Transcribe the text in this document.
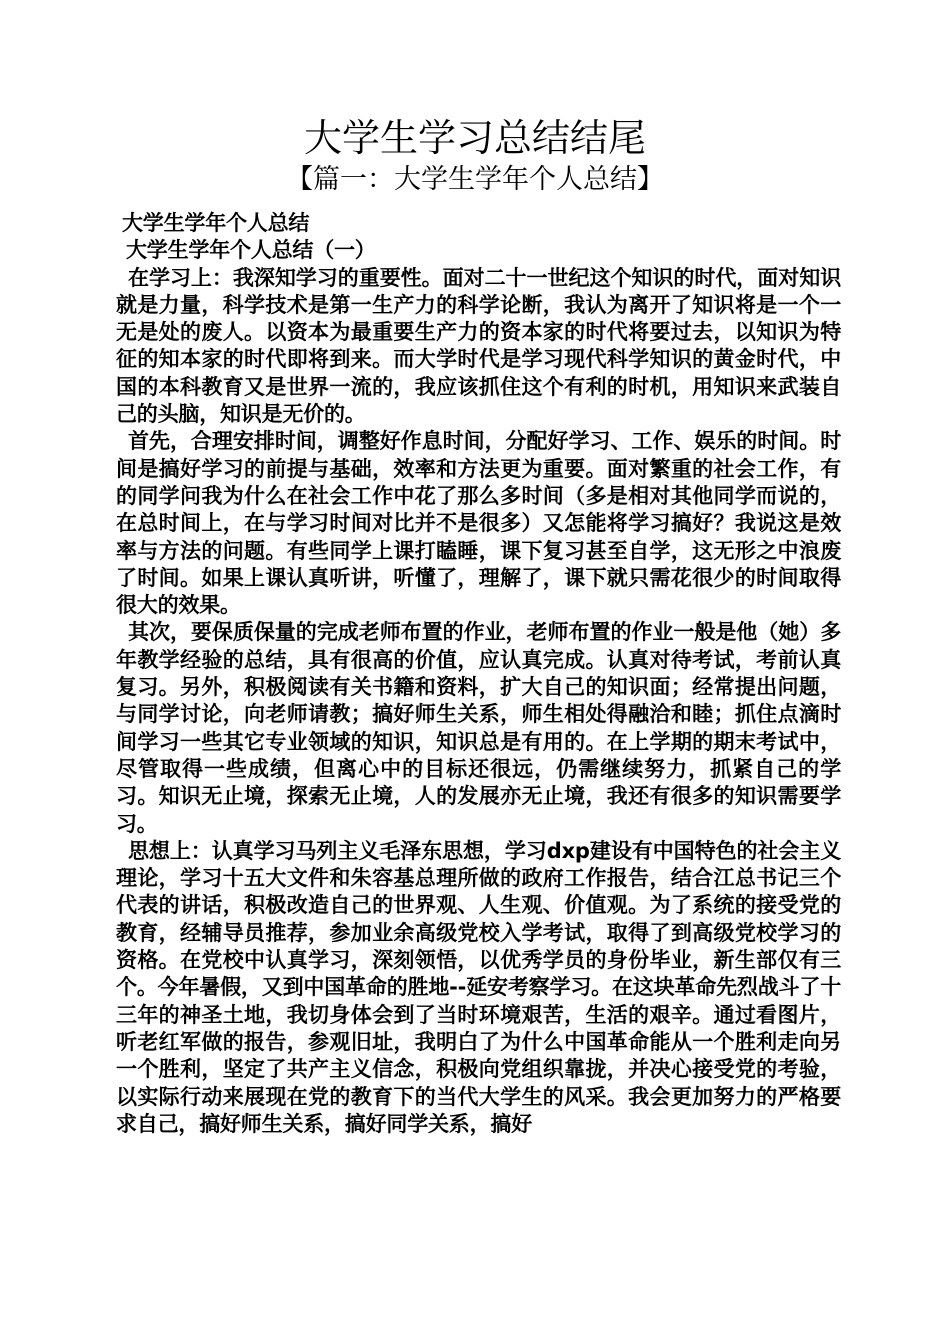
大学生学习总结结尾
【篇一：大学生学年个人总结】

大学生学年个人总结

大学生学年个人总结（一）

在学习上：我深知学习的重要性。面对二十一世纪这个知识的时代，面对知识就是力量，科学技术是第一生产力的科学论断，我认为离开了知识将是一个一无是处的废人。以资本为最重要生产力的资本家的时代将要过去，以知识为特征的知本家的时代即将到来。而大学时代是学习现代科学知识的黄金时代，中国的本科教育又是世界一流的，我应该抓住这个有利的时机，用知识来武装自己的头脑，知识是无价的。

首先，合理安排时间，调整好作息时间，分配好学习、工作、娱乐的时间。时间是搞好学习的前提与基础，效率和方法更为重要。面对繁重的社会工作，有的同学问我为什么在社会工作中花了那么多时间（多是相对其他同学而说的，在总时间上，在与学习时间对比并不是很多）又怎能将学习搞好？我说这是效率与方法的问题。有些同学上课打瞌睡，课下复习甚至自学，这无形之中浪废了时间。如果上课认真听讲，听懂了，理解了，课下就只需花很少的时间取得很大的效果。

其次，要保质保量的完成老师布置的作业，老师布置的作业一般是他（她）多年教学经验的总结，具有很高的价值，应认真完成。认真对待考试，考前认真复习。另外，积极阅读有关书籍和资料，扩大自己的知识面；经常提出问题，与同学讨论，向老师请教；搞好师生关系，师生相处得融洽和睦；抓住点滴时间学习一些其它专业领域的知识，知识总是有用的。在上学期的期末考试中，尽管取得一些成绩，但离心中的目标还很远，仍需继续努力，抓紧自己的学习。知识无止境，探索无止境，人的发展亦无止境，我还有很多的知识需要学习。

思想上：认真学习马列主义毛泽东思想，学习dxp建设有中国特色的社会主义理论，学习十五大文件和朱容基总理所做的政府工作报告，结合江总书记三个代表的讲话，积极改造自己的世界观、人生观、价值观。为了系统的接受党的教育，经辅导员推荐，参加业余高级党校入学考试，取得了到高级党校学习的资格。在党校中认真学习，深刻领悟，以优秀学员的身份毕业，新生部仅有三个。今年暑假，又到中国革命的胜地--延安考察学习。在这块革命先烈战斗了十三年的神圣土地，我切身体会到了当时环境艰苦，生活的艰辛。通过看图片，听老红军做的报告，参观旧址，我明白了为什么中国革命能从一个胜利走向另一个胜利，坚定了共产主义信念，积极向党组织靠拢，并决心接受党的考验，以实际行动来展现在党的教育下的当代大学生的风采。我会更加努力的严格要求自己，搞好师生关系，搞好同学关系，搞好
